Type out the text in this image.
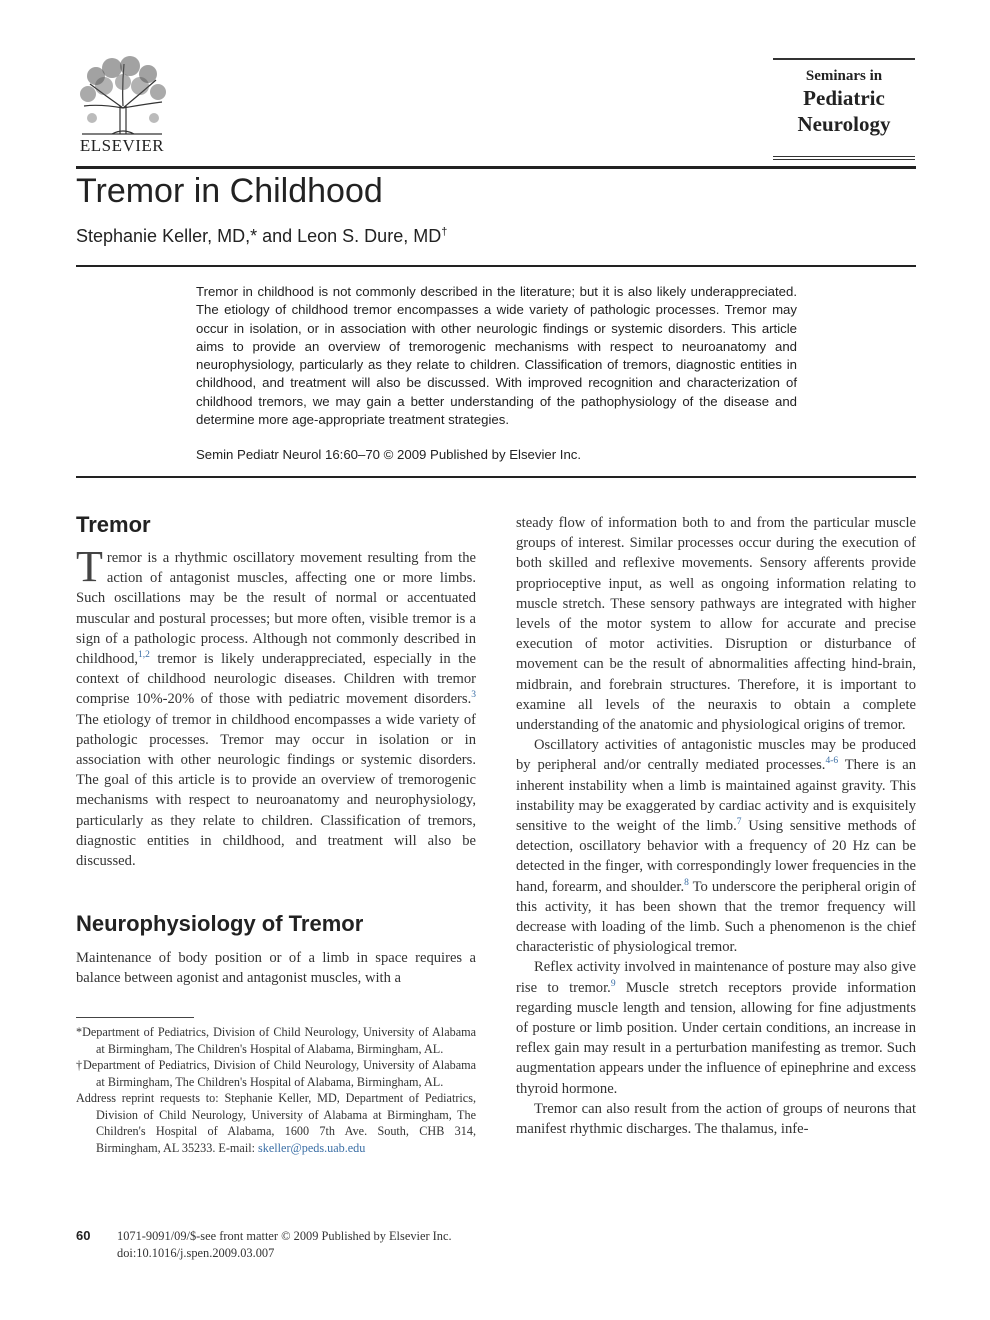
ELSEVIER
Seminars in
Pediatric
Neurology
Tremor in Childhood
Stephanie Keller, MD,* and Leon S. Dure, MD†
Tremor in childhood is not commonly described in the literature; but it is also likely underappreciated. The etiology of childhood tremor encompasses a wide variety of pathologic processes. Tremor may occur in isolation, or in association with other neurologic findings or systemic disorders. This article aims to provide an overview of tremorogenic mechanisms with respect to neuroanatomy and neurophysiology, particularly as they relate to children. Classification of tremors, diagnostic entities in childhood, and treatment will also be discussed. With improved recognition and characterization of childhood tremors, we may gain a better understanding of the pathophysiology of the disease and determine more age-appropriate treatment strategies.
Semin Pediatr Neurol 16:60–70 © 2009 Published by Elsevier Inc.
Tremor

Tremor is a rhythmic oscillatory movement resulting from the action of antagonist muscles, affecting one or more limbs. Such oscillations may be the result of normal or accentuated muscular and postural processes; but more often, visible tremor is a sign of a pathologic process. Although not commonly described in childhood,$^{1,2}$ tremor is likely underappreciated, especially in the context of childhood neurologic diseases. Children with tremor comprise 10%-20% of those with pediatric movement disorders.$^3$ The etiology of tremor in childhood encompasses a wide variety of pathologic processes. Tremor may occur in isolation or in association with other neurologic findings or systemic disorders. The goal of this article is to provide an overview of tremorogenic mechanisms with respect to neuroanatomy and neurophysiology, particularly as they relate to children. Classification of tremors, diagnostic entities in childhood, and treatment will also be discussed.

Neurophysiology of Tremor

Maintenance of body position or of a limb in space requires a balance between agonist and antagonist muscles, with a

steady flow of information both to and from the particular muscle groups of interest. Similar processes occur during the execution of both skilled and reflexive movements. Sensory afferents provide proprioceptive input, as well as ongoing information relating to muscle stretch. These sensory pathways are integrated with higher levels of the motor system to allow for accurate and precise execution of motor activities. Disruption or disturbance of movement can be the result of abnormalities affecting hind-brain, midbrain, and forebrain structures. Therefore, it is important to examine all levels of the neuraxis to obtain a complete understanding of the anatomic and physiological origins of tremor.

Oscillatory activities of antagonistic muscles may be produced by peripheral and/or centrally mediated processes.$^{4-6}$ There is an inherent instability when a limb is maintained against gravity. This instability may be exaggerated by cardiac activity and is exquisitely sensitive to the weight of the limb.$^7$ Using sensitive methods of detection, oscillatory behavior with a frequency of 20 Hz can be detected in the finger, with correspondingly lower frequencies in the hand, forearm, and shoulder.$^8$ To underscore the peripheral origin of this activity, it has been shown that the tremor frequency will decrease with loading of the limb. Such a phenomenon is the chief characteristic of physiological tremor.

Reflex activity involved in maintenance of posture may also give rise to tremor.$^9$ Muscle stretch receptors provide information regarding muscle length and tension, allowing for fine adjustments of posture or limb position. Under certain conditions, an increase in reflex gain may result in a perturbation manifesting as tremor. Such augmentation appears under the influence of epinephrine and excess thyroid hormone.

Tremor can also result from the action of groups of neurons that manifest rhythmic discharges. The thalamus, infe-

*Department of Pediatrics, Division of Child Neurology, University of Alabama at Birmingham, The Children's Hospital of Alabama, Birmingham, AL.

†Department of Pediatrics, Division of Child Neurology, University of Alabama at Birmingham, The Children's Hospital of Alabama, Birmingham, AL.

Address reprint requests to: Stephanie Keller, MD, Department of Pediatrics, Division of Child Neurology, University of Alabama at Birmingham, The Children's Hospital of Alabama, 1600 7th Ave. South, CHB 314, Birmingham, AL 35233. E-mail: skeller@peds.uab.edu

60 1071-9091/09/$-see front matter © 2009 Published by Elsevier Inc.
doi:10.1016/j.spen.2009.03.007
